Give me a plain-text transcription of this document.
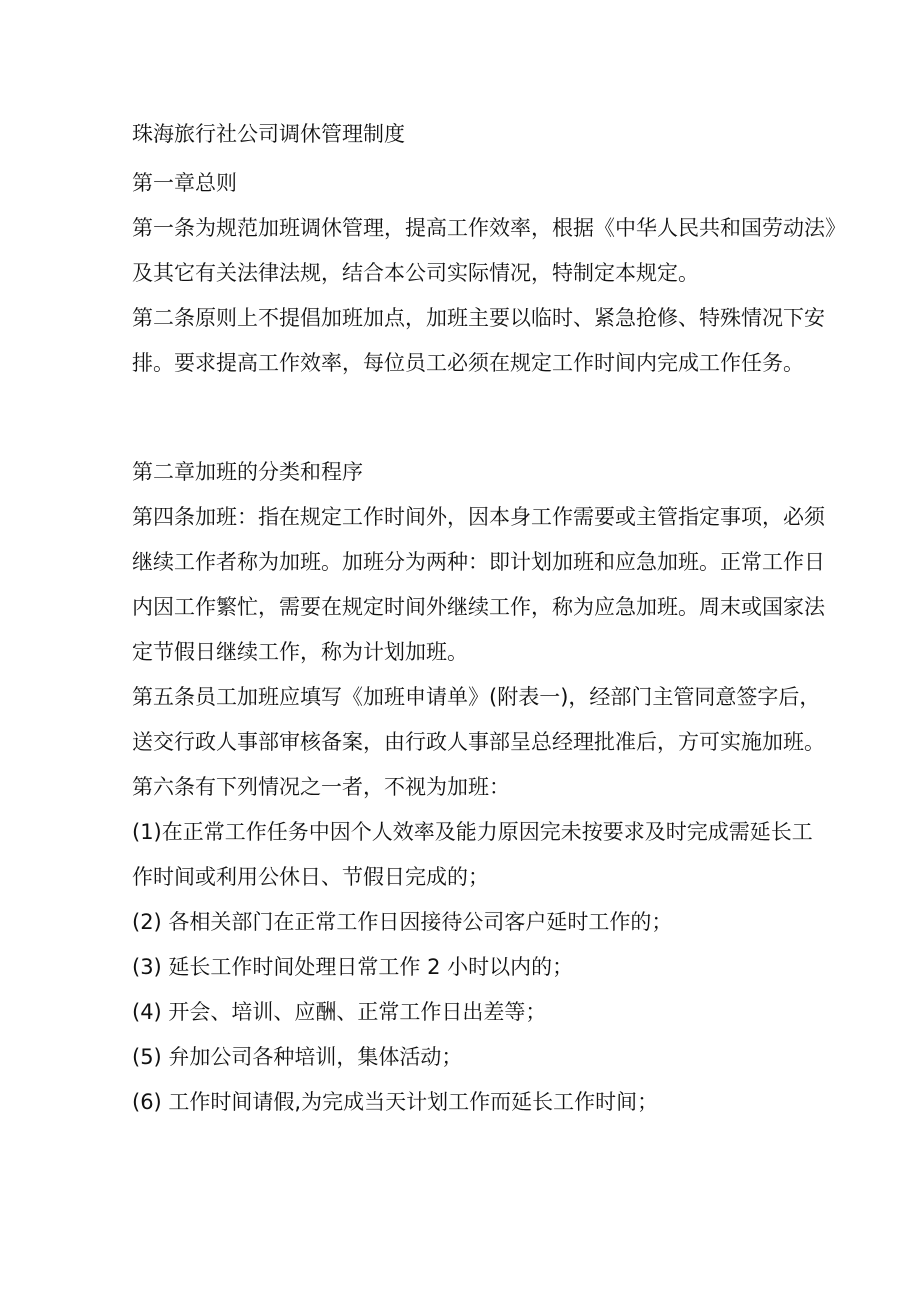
珠海旅行社公司调休管理制度

第一章总则

第一条为规范加班调休管理，提高工作效率，根据《中华人民共和国劳动法》

及其它有关法律法规，结合本公司实际情况，特制定本规定。

第二条原则上不提倡加班加点，加班主要以临时、紧急抢修、特殊情况下安

排。要求提高工作效率，每位员工必须在规定工作时间内完成工作任务。

第二章加班的分类和程序

第四条加班：指在规定工作时间外，因本身工作需要或主管指定事项，必须

继续工作者称为加班。加班分为两种：即计划加班和应急加班。正常工作日

内因工作繁忙，需要在规定时间外继续工作，称为应急加班。周末或国家法

定节假日继续工作，称为计划加班。

第五条员工加班应填写《加班申请单》(附表一)，经部门主管同意签字后，

送交行政人事部审核备案，由行政人事部呈总经理批准后，方可实施加班。

第六条有下列情况之一者，不视为加班：

(1)在正常工作任务中因个人效率及能力原因完未按要求及时完成需延长工

作时间或利用公休日、节假日完成的；

(2) 各相关部门在正常工作日因接待公司客户延时工作的；

(3) 延长工作时间处理日常工作 2 小时以内的；

(4) 开会、培训、应酬、正常工作日出差等；

(5) 弁加公司各种培训，集体活动；

(6) 工作时间请假,为完成当天计划工作而延长工作时间；
